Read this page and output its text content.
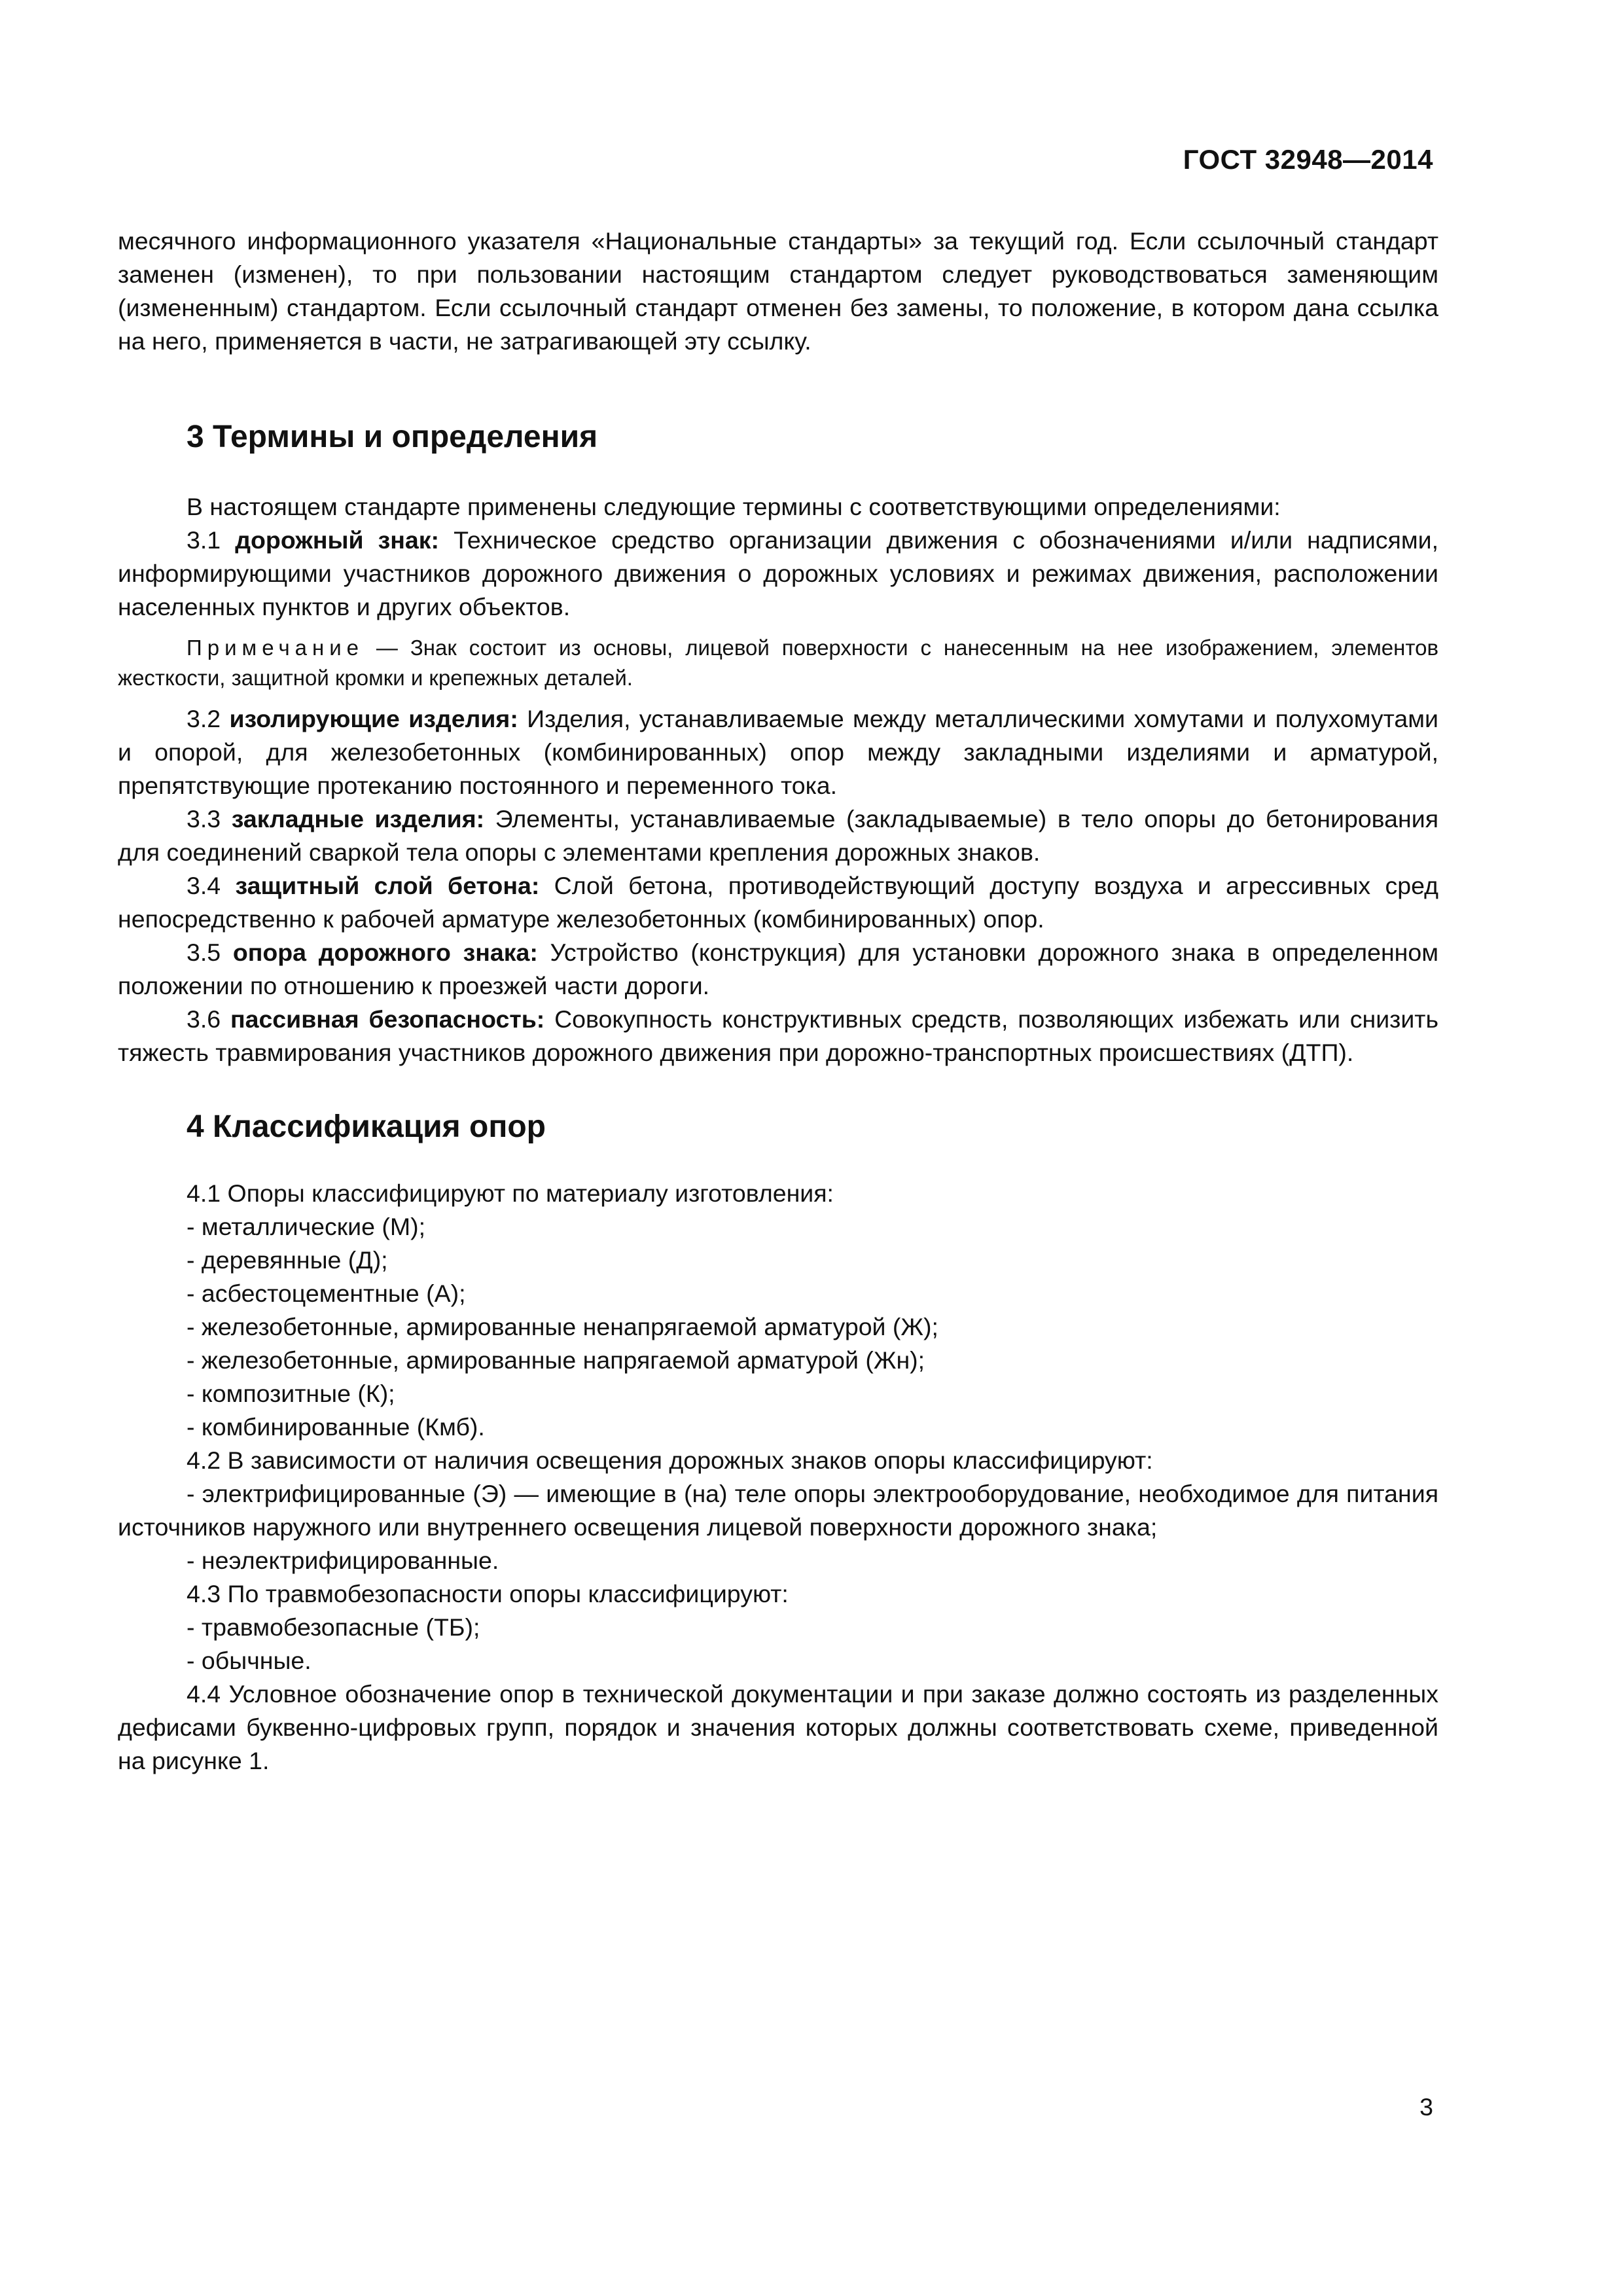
ГОСТ 32948—2014

месячного информационного указателя «Национальные стандарты» за текущий год. Если ссылочный стандарт заменен (изменен), то при пользовании настоящим стандартом следует руководствоваться заменяющим (измененным) стандартом. Если ссылочный стандарт отменен без замены, то положение, в котором дана ссылка на него, применяется в части, не затрагивающей эту ссылку.

3 Термины и определения

В настоящем стандарте применены следующие термины с соответствующими определениями:

3.1 дорожный знак: Техническое средство организации движения с обозначениями и/или надписями, информирующими участников дорожного движения о дорожных условиях и режимах движения, расположении населенных пунктов и других объектов.

Примечание — Знак состоит из основы, лицевой поверхности с нанесенным на нее изображением, элементов жесткости, защитной кромки и крепежных деталей.

3.2 изолирующие изделия: Изделия, устанавливаемые между металлическими хомутами и полухомутами и опорой, для железобетонных (комбинированных) опор между закладными изделиями и арматурой, препятствующие протеканию постоянного и переменного тока.

3.3 закладные изделия: Элементы, устанавливаемые (закладываемые) в тело опоры до бетонирования для соединений сваркой тела опоры с элементами крепления дорожных знаков.

3.4 защитный слой бетона: Слой бетона, противодействующий доступу воздуха и агрессивных сред непосредственно к рабочей арматуре железобетонных (комбинированных) опор.

3.5 опора дорожного знака: Устройство (конструкция) для установки дорожного знака в определенном положении по отношению к проезжей части дороги.

3.6 пассивная безопасность: Совокупность конструктивных средств, позволяющих избежать или снизить тяжесть травмирования участников дорожного движения при дорожно-транспортных происшествиях (ДТП).

4 Классификация опор

4.1 Опоры классифицируют по материалу изготовления:

- металлические (М);

- деревянные (Д);

- асбестоцементные (А);

- железобетонные, армированные ненапрягаемой арматурой (Ж);

- железобетонные, армированные напрягаемой арматурой (Жн);

- композитные (К);

- комбинированные (Кмб).

4.2 В зависимости от наличия освещения дорожных знаков опоры классифицируют:

- электрифицированные (Э) — имеющие в (на) теле опоры электрооборудование, необходимое для питания источников наружного или внутреннего освещения лицевой поверхности дорожного знака;

- неэлектрифицированные.

4.3 По травмобезопасности опоры классифицируют:

- травмобезопасные (ТБ);

- обычные.

4.4 Условное обозначение опор в технической документации и при заказе должно состоять из разделенных дефисами буквенно-цифровых групп, порядок и значения которых должны соответствовать схеме, приведенной на рисунке 1.

3
